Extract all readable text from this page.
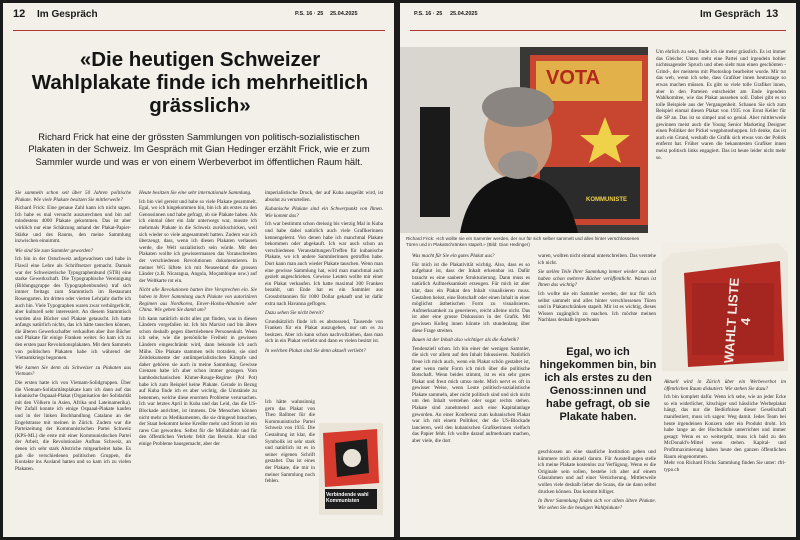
12 Im Gespräch	P.S. 16 · 25 25.04.2025
«Die heutigen Schweizer Wahlplakate finde ich mehrheitlich grässlich»
Richard Frick hat eine der grössten Sammlungen von politisch-sozialistischen Plakaten in der Schweiz. Im Gespräch mit Gian Hedinger erzählt Frick, wie er zum Sammler wurde und was er von einem Werbeverbot im öffentlichen Raum hält.

Sie sammeln schon seit über 50 Jahren politische Plakate. Wie viele Plakate besitzen Sie mittlerweile?

Richard Frick: Eine genaue Zahl kann ich nicht sagen. Ich habe es mal versucht auszurechnen und bin auf mindestens 4000 Plakate gekommen. Das ist aber wirklich nur eine Schätzung anhand der Plakat-Papier-Stärke und des Raums, den meine Sammlung inzwischen einnimmt.

Wie sind Sie zum Sammler geworden?

Ich bin in der Ostschweiz aufgewachsen und habe in Flawil eine Lehre als Schriftsetzer gemacht. Damals war der Schweizerische Typographenbund (STB) eine starke Gewerkschaft. Die Typographische Vereinigung (Bildungsgruppe des Typographenbundes) traf sich immer freitags zum Stammtisch im Restaurant Rosengarten. Im dritten oder vierten Lehrjahr durfte ich auch hin. Viele Typographen waren zwar verbürgerlicht, aber kulturell sehr interessiert. An diesem Stammtisch wurden also Bücher und Plakate getauscht. Ich hatte anfangs natürlich nichts, das ich hätte tauschen können, die älteren Gewerkschafter verkauften aber ihre Bücher und Plakate für einige Franken weiter. So kam ich zu den ersten paar Revolutionsplakaten. Mit dem Sammeln von politischen Plakaten habe ich während der Vietnamkriegs begonnen.

Wie kamen Sie denn als Schweizer zu Plakaten aus Vietnam?

Die ersten hatte ich von Vietnam-Solidgruppen. Über die Vietnam-Solidaritätsplakate kam ich dann auf das kubanische Ospaaal-Plakat (Organisation der Solidarität mit den Völkern in Asien, Afrika und Lateinamerika). Per Zufall konnte ich einige Ospaaal-Plakate kaufen und in der linken Buchhandlung Catalano an der Engelstrasse mit meinen in Zürich. Zudem war die Parteizeitung der Kommunistischen Partei Schweiz (KPS-ML) die erste mit einer Kommunistischen Partei der Arbeit, die Revolutionäre Aufbau Schweiz, an denen ich sehr stark Abstriche mitgearbeitet habe. Es gab die verschiedenen politischen Gruppen, die Kontakte ins Ausland hatten und so kam ich zu vielen Plakaten.

Heute besitzen Sie eine sehr internationale Sammlung.

Ich bin viel gereist und habe so viele Plakate gesammelt. Egal, wo ich hingekommen bin, bin ich als erstes zu den Genossinnen und habe gefragt, ob sie Plakate haben. Als ich einmal über ein Jahr unterwegs war, musste ich mehrmals Plakate in die Schweiz zurückschicken, weil sich wieder so viele angesammelt hatten. Zudem war ich überzeugt, dass, wenn ich diesen Plakaten verlassen werde, die Welt sozialistisch sein würde. Mit den Plakaten wollte ich gewissermassen das Voranschreiten der verschiedenen Revolutionen dokumentieren. In meiner WG lüftete ich mit Neuseeland die grossen Länder (z.B. Nicaragua, Angola, Moçambique usw.) auf der Weltkarte rot ein.

Nicht alle Revolutionen hatten ihre Versprechen ein. Sie haben in Ihrer Sammlung auch Plakate von autoritären Regimen aus Nordkorea, Enver-Hoxha-Albanien oder China. Wie gehen Sie damit um?

Ich kann natürlich nicht alles gut finden, was in diesen Ländern vorgefallen ist. Ich bin Marxist und bin ältere schon deshalb gegen übertriebenen Personenkult. Wenn ich sehe, wie die persönliche Freiheit in gewissen Ländern eingeschränkt wird, dann bekunde ich auch Mühe. Die Plakate stammen teils trotzdem, sie sind Zeitdokumente der antiimperialistischen Kämpfe und daher gehören sie auch in meine Sammlung. Gewisse Grenzen habe ich aber schon immer gezogen. Vom kambodschanischen Khmer-Rouge-Regime (Pol Pot) habe ich zum Beispiel keine Plakate. Gerade in Bezug auf Kuba finde ich es aber wichtig, die Umstände zu benennen, welche diese enormen Probleme verursachen. Ich war letztes April in Kuba und das Leid, das die US-Blockade anrichtet, ist immens. Die Menschen können nicht mehr zu Medikamenten, die sie dringend brauchen, der Staat bekommt keine Kredite mehr und Strom ist ein rares Gut geworden. Selbst für die Müllabfuhr und für den öffentlichen Verkehr fehlt das Benzin. Klar sind einige Probleme hausgemacht, aber der

imperialistische Druck, der auf Kuba ausgeübt wird, ist absolut zu verurteilen.

Kubanische Plakate sind ein Schwerpunkt von Ihnen. Wie kommt das?

Ich war bestimmt schon dreissig bis vierzig Mal in Kuba und habe dabei natürlich auch viele Grafikerinnen kennengelernt. Von denen habe ich manchmal Plakate bekommen oder abgekauft. Ich war auch schon an verschiedenen Veranstaltungen/Treffen für kubanische Plakate, wo ich andere Sammlerinnen getroffen habe. Dort kann man auch wieder Plakate tauschen. Wenn man eine gewisse Sammlung hat, wird man manchmal auch gezielt angeschrieben. Gewisse Leuten wollte mir einer ein Plakat verkaufen. Ich hatte maximal 300 Franken bezahlt, um Ende hat es ein Sammler aus Grossbritannien für 1000 Dollar gekauft und ist dafür extra nach Havanna geflogen.

Dazu sehen Sie nicht bereit?

Grundsätzlich finde ich es abstossend, Tausende von Franken für ein Plakat auszugeben, nur um es zu besitzen. Aber ich kann schon nachvollziehen, dass man sich in ein Plakat verliebt und dann es vielen besitzt ist.

In welchen Plakat sind Sie denn aktuell verliebt?

Ich hätte wahnsinnig gern das Plakat von Theo Ballmer für die Kommunistische Partei Schweiz von 1935. Die Gestaltung ist klar, die Symbolik ist sehr stark und natürlich ist es in seiner eigenen Schrift gestaltet. Das ist eines der Plakate, die mir in meiner Sammlung noch fehlen.

Verbindende wahl Kommunisten
P.S. 16 · 25 25.04.2025	Im Gespräch 13
VOTA
KOMMUNISTE
Richard Frick: «Ich wollte nie ein Sammler werden, der nur für sich selber sammelt und alles hinter verschlossenen Türen und in Plakatschränken stapelt.» (Bild: Gian Hedinger)

Um ehrlich zu sein, finde ich sie meist grässlich. Es ist immer das Gleiche: Unten steht eine Partei und irgendein hohler nichtssagender Spruch und oben sieht man einen geschönten -Grind-, der meistens mit Photoshop bearbeitet wurde. Mir tut das weh, wenn ich sehe, dass Grafiker innen heutzutage so etwas machen müssen. Es gibt so viele tolle Grafiker innen, aber in den Parteien entscheidet am Ende irgendein Wahlkomitee, wie das Plakat aussehen soll. Dabei gibt es so tolle Beispiele aus der Vergangenheit. Schauen Sie sich zum Beispiel einmal diesen Plakat von 1935 von Ernst Keller für die SP an. Das ist so simpel und so genial. Aber mittlerweile gewinnen meist auch die Young Senior Marketing Designer einen Politiker der Pickel wegphotoshoppen. Ich denke, das ist auch ein Grund, weshalb die Grafik sich etwas von der Politik entfernt hat. Früher waren die bekanntesten Grafiker innen meist politisch links engagiert. Das ist heute leider nicht mehr so.

Was macht für Sie ein gutes Plakat aus?

Für mich ist die Plakativität wichtig. Also, dass es so aufgebaut ist, dass der Inhalt erkennbar ist. Dafür braucht es eine saubere Strukturierung. Dann muss es natürlich Aufmerksamkeit erzeugen. Für mich ist aber klar, dass ein Plakat den Inhalt visualisieren muss. Gestalten heisst, eine Botschaft oder einen Inhalt in einer möglichst ästhetischen Form zu visualisieren. Aufmerksamkeit zu generieren, reicht alleine nicht. Das ist aber eine grosse Diskussion in der Grafik. Mit gewissen Kolleg innen könnte ich stundenlang über diese Frage streiten.

Bauen ist der Inhalt also wichtiger als die Ästhetik?

Tendenziell schon. Ich bin einer der wenigen Sammler, die sich vor allem auf den Inhalt fokussieren. Natürlich freue ich mich auch, wenn ein Plakat schön gestaltet ist, aber wenn mehr Form ich mich über die politische Botschaft. Wenn beides stimmt, ist es ein sehr gutes Plakat und freut mich umso mehr. Mich nervt es oft in gewisser Weise, wenn Leute politisch-sozialistische Plakate sammeln, aber nicht politisch sind und sich nicht um den Inhalt verstehen oder sogar rechts stehen. Plakate sind zunehmend auch eine Kapitalanlage geworden. An einer Konferenz zum kubanischen Plakat war ich mit einem Politiker, der die US-Blockade lancieren, weil den kubanischen Grafikerinnen vielfach das Papier fehlt. Ich wollte darauf aufmerksam machen, aber viele, die dort

waren, wollten nicht einmal unterschreiben. Das verstehe ich nicht.

Sie stellen Teile Ihrer Sammlung immer wieder aus und haben schon mehrere Bücher veröffentlicht. Warum ist Ihnen das wichtig?

Ich wollte nie ein Sammler werden, der nur für sich selbst sammelt und alles hinter verschlossenen Türen und in Plakatschränken stapelt. Mir ist es wichtig, dieses Wissen zugänglich zu machen. Ich möchte meinen Nachlass deshalb irgendwann

Egal, wo ich hingekommen bin, bin ich als erstes zu den Genoss:innen und habe gefragt, ob sie Plakate haben.

geschlossen an eine staatliche Institution geben und kümmere mich aktuell darum. Für Ausstellungen stelle ich meine Plakate kostenlos zur Verfügung. Wenn es die Originale sein sollen, bestehe ich aber auf einem Glasrahmen und auf einer Versicherung. Mittlerweile wollen viele deshalb lieber die Scans, die sie dann selbst drucken können. Das kommt billiger.

In Ihrer Sammlung finden sich vor allem ältere Plakate. Wie sehen Sie die heutigen Wahlplakate?

WAHLT LISTE 4

Aktuell wird in Zürich über ein Werbeverbot im öffentlichen Raum diskutiert. Wie stehen Sie dazu?

Ich bin komplett dafür. Wenn ich sehe, wie an jeder Ecke so ein widerlicher, kitschiger und hässliche Werbeplakat hängt, das nur die Bedürfnisse dieser Gesellschaft manifestiert, muss ich sagen: Weg damit. Jedes Team bei heute irgendeinen Konzern oder ein Produkt droht. Ich habe lange an der Hochschule unterrichtet und immer gesagt: Wenn es so weitergeht, muss ich bald zu den McDonald's-Mittel wenn stehen. Kapital- und Profitmaximierung haben heute den ganzen öffentlichen Raum eingenommen.

Mehr von Richard Fricks Sammlung finden Sie unter: rfri-typo.ch
